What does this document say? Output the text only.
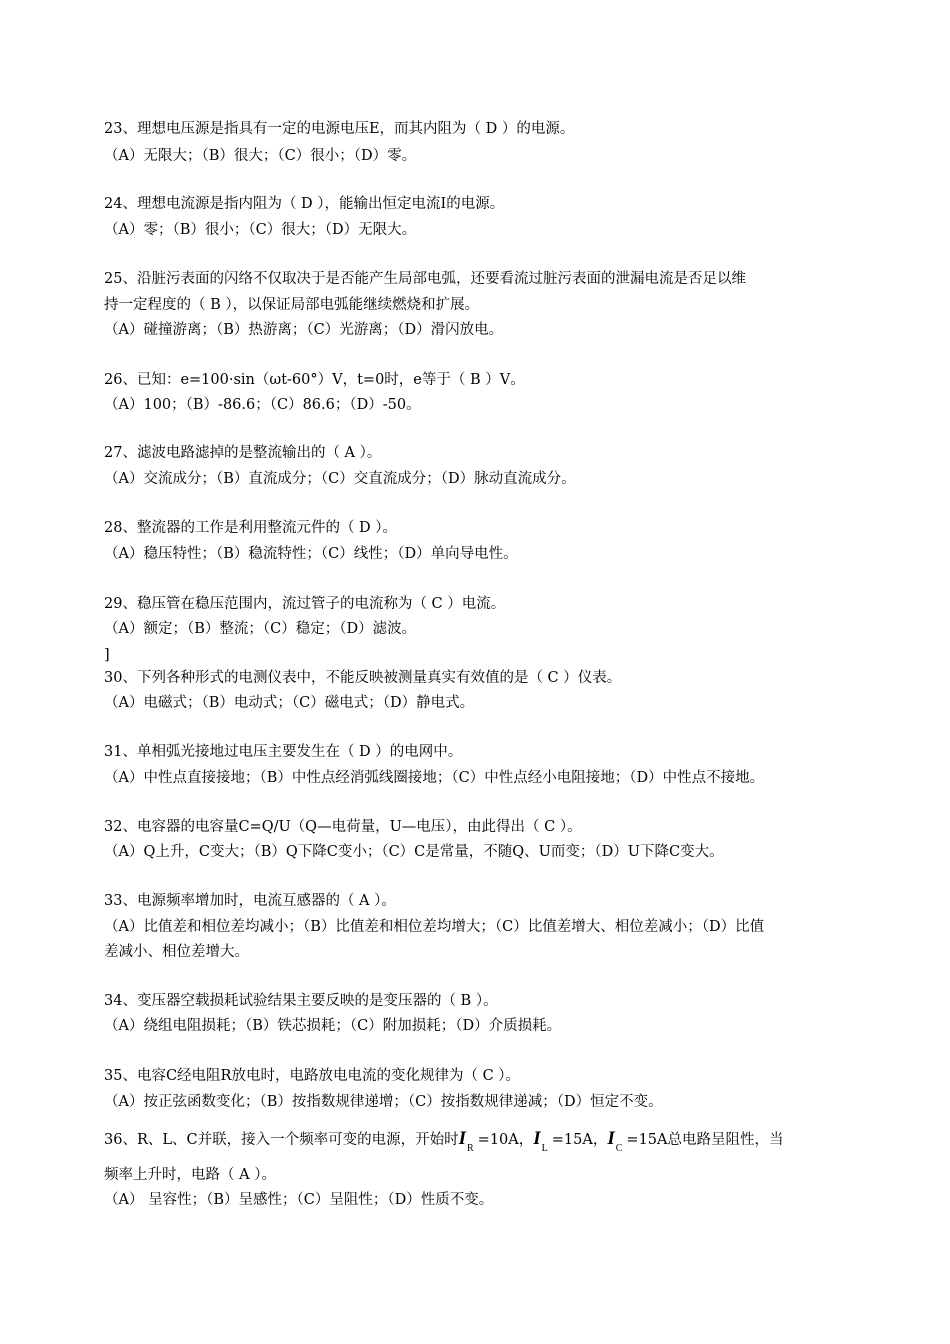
23、理想电压源是指具有一定的电源电压E，而其内阻为（ D ）的电源。
（A）无限大；（B）很大；（C）很小；（D）零。
24、理想电流源是指内阻为（ D ），能输出恒定电流Ⅰ的电源。
（A）零；（B）很小；（C）很大；（D）无限大。
25、沿脏污表面的闪络不仅取决于是否能产生局部电弧，还要看流过脏污表面的泄漏电流是否足以维
持一定程度的（ B ），以保证局部电弧能继续燃烧和扩展。
（A）碰撞游离；（B）热游离；（C）光游离；（D）滑闪放电。
26、已知：e=100·sin（ωt-60°）V，t=0时，e等于（ B ）V。
（A）100；（B）-86.6；（C）86.6；（D）-50。
27、滤波电路滤掉的是整流输出的（ A ）。
（A）交流成分；（B）直流成分；（C）交直流成分；（D）脉动直流成分。
28、整流器的工作是利用整流元件的（ D ）。
（A）稳压特性；（B）稳流特性；（C）线性；（D）单向导电性。
29、稳压管在稳压范围内，流过管子的电流称为（ C ）电流。
（A）额定；（B）整流；（C）稳定；（D）滤波。
]
30、下列各种形式的电测仪表中，不能反映被测量真实有效值的是（ C ）仪表。
（A）电磁式；（B）电动式；（C）磁电式；（D）静电式。
31、单相弧光接地过电压主要发生在（ D ）的电网中。
（A）中性点直接接地；（B）中性点经消弧线圈接地；（C）中性点经小电阻接地；（D）中性点不接地。
32、电容器的电容量C=Q/U（Q—电荷量，U—电压），由此得出（ C ）。
（A）Q上升，C变大；（B）Q下降C变小；（C）C是常量，不随Q、U而变；（D）U下降C变大。
33、电源频率增加时，电流互感器的（ A ）。
（A）比值差和相位差均减小；（B）比值差和相位差均增大；（C）比值差增大、相位差减小；（D）比值
差减小、相位差增大。
34、变压器空载损耗试验结果主要反映的是变压器的（ B ）。
（A）绕组电阻损耗；（B）铁芯损耗；（C）附加损耗；（D）介质损耗。
35、电容C经电阻R放电时，电路放电电流的变化规律为（ C ）。
（A）按正弦函数变化；（B）按指数规律递增；（C）按指数规律递减；（D）恒定不变。
36、R、L、C并联，接入一个频率可变的电源，开始时$I_R=10A$，$I_L=15A$，$I_C=15A$总电路呈阻性，当
频率上升时，电路（ A ）。
（A） 呈容性；（B）呈感性；（C）呈阻性；（D）性质不变。
